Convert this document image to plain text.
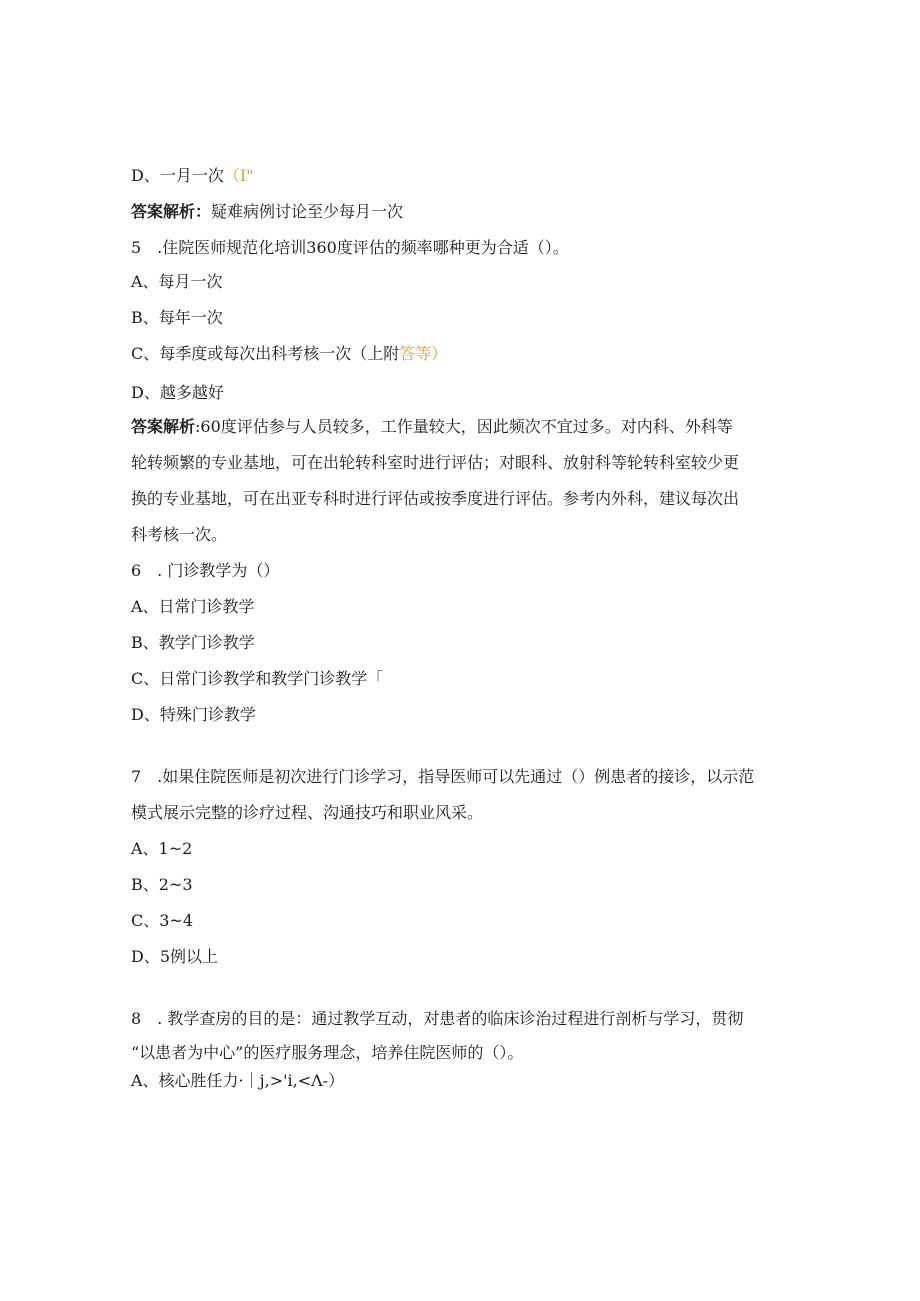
D、一月一次（I"
答案解析：疑难病例讨论至少每月一次
5　.住院医师规范化培训360度评估的频率哪种更为合适（）。
A、每月一次
B、每年一次
C、每季度或每次出科考核一次（上附答等）
D、越多越好
答案解析:60度评估参与人员较多，工作量较大，因此频次不宜过多。对内科、外科等
轮转频繁的专业基地，可在出轮转科室时进行评估；对眼科、放射科等轮转科室较少更
换的专业基地，可在出亚专科时进行评估或按季度进行评估。参考内外科，建议每次出
科考核一次。
6　. 门诊教学为（）
A、日常门诊教学
B、教学门诊教学
C、日常门诊教学和教学门诊教学「
D、特殊门诊教学
7　.如果住院医师是初次进行门诊学习，指导医师可以先通过（）例患者的接诊，以示范
模式展示完整的诊疗过程、沟通技巧和职业风采。
A、1~2
B、2~3
C、3~4
D、5例以上
8　. 教学查房的目的是：通过教学互动，对患者的临床诊治过程进行剖析与学习，贯彻
“以患者为中心”的医疗服务理念，培养住院医师的（）。
A、核心胜任力·｜j,>'i,<Λ-）
